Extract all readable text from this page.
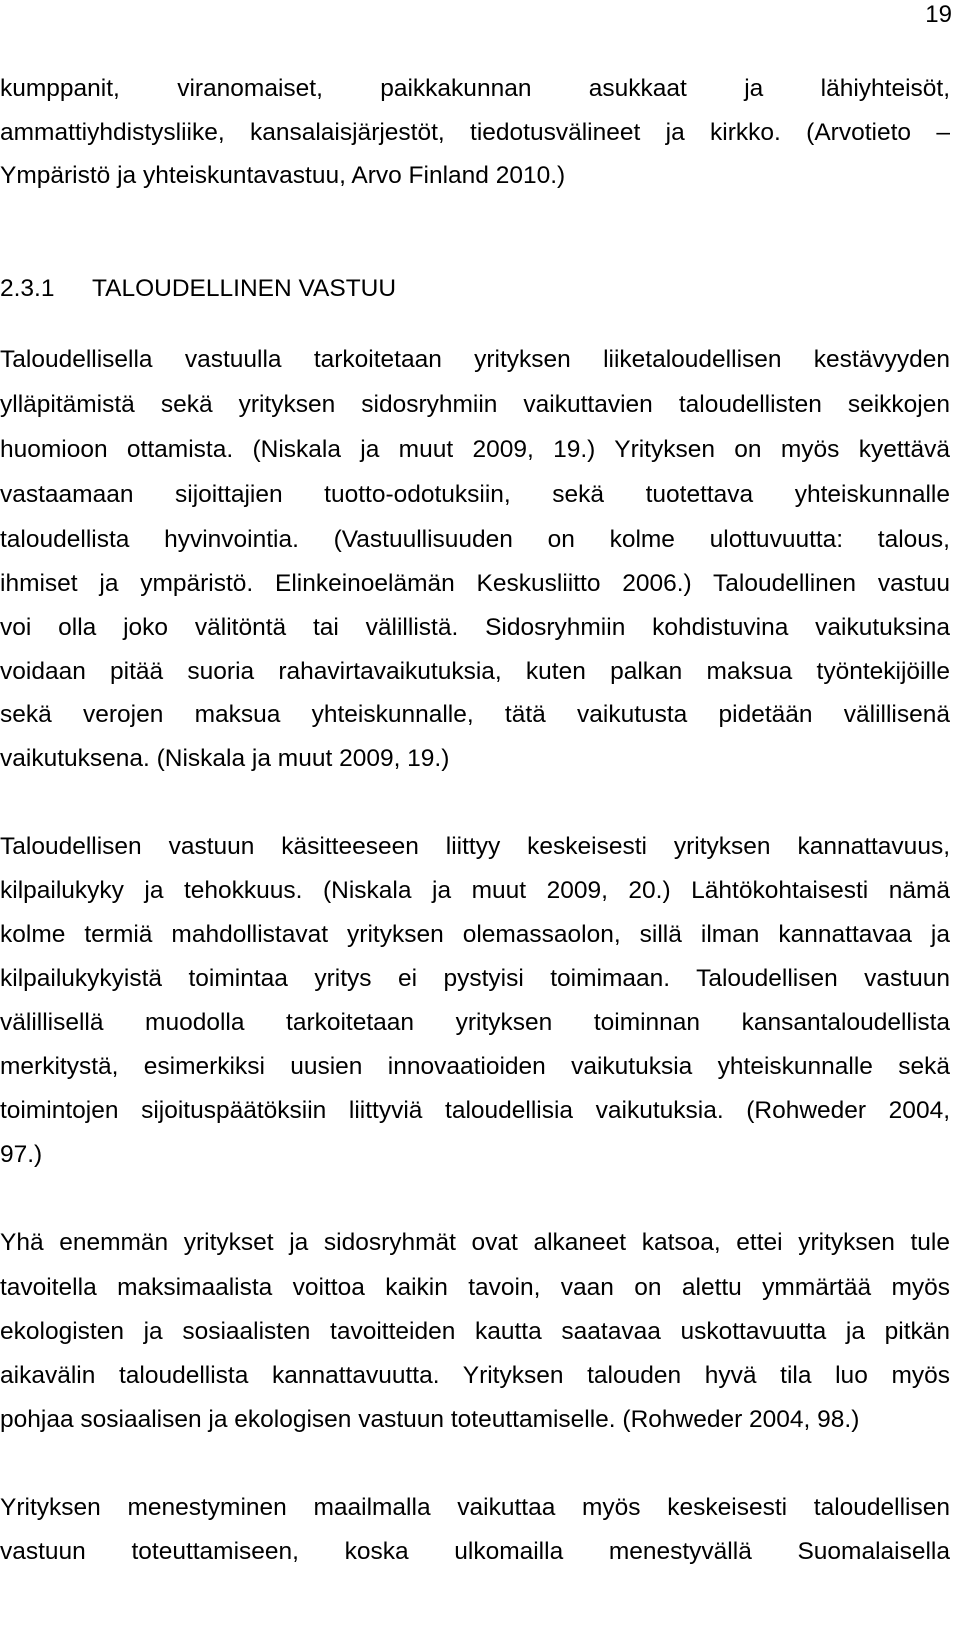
19
kumppanit, viranomaiset, paikkakunnan asukkaat ja lähiyhteisöt,
ammattiyhdistysliike, kansalaisjärjestöt, tiedotusvälineet ja kirkko. (Arvotieto –
Ympäristö ja yhteiskuntavastuu, Arvo Finland 2010.)
2.3.1 TALOUDELLINEN VASTUU
Taloudellisella vastuulla tarkoitetaan yrityksen liiketaloudellisen kestävyyden
ylläpitämistä sekä yrityksen sidosryhmiin vaikuttavien taloudellisten seikkojen
huomioon ottamista. (Niskala ja muut 2009, 19.) Yrityksen on myös kyettävä
vastaamaan sijoittajien tuotto-odotuksiin, sekä tuotettava yhteiskunnalle
taloudellista hyvinvointia. (Vastuullisuuden on kolme ulottuvuutta: talous,
ihmiset ja ympäristö. Elinkeinoelämän Keskusliitto 2006.) Taloudellinen vastuu
voi olla joko välitöntä tai välillistä. Sidosryhmiin kohdistuvina vaikutuksina
voidaan pitää suoria rahavirtavaikutuksia, kuten palkan maksua työntekijöille
sekä verojen maksua yhteiskunnalle, tätä vaikutusta pidetään välillisenä
vaikutuksena. (Niskala ja muut 2009, 19.)
Taloudellisen vastuun käsitteeseen liittyy keskeisesti yrityksen kannattavuus,
kilpailukyky ja tehokkuus. (Niskala ja muut 2009, 20.) Lähtökohtaisesti nämä
kolme termiä mahdollistavat yrityksen olemassaolon, sillä ilman kannattavaa ja
kilpailukykyistä toimintaa yritys ei pystyisi toimimaan. Taloudellisen vastuun
välillisellä muodolla tarkoitetaan yrityksen toiminnan kansantaloudellista
merkitystä, esimerkiksi uusien innovaatioiden vaikutuksia yhteiskunnalle sekä
toimintojen sijoituspäätöksiin liittyviä taloudellisia vaikutuksia. (Rohweder 2004,
97.)
Yhä enemmän yritykset ja sidosryhmät ovat alkaneet katsoa, ettei yrityksen tule
tavoitella maksimaalista voittoa kaikin tavoin, vaan on alettu ymmärtää myös
ekologisten ja sosiaalisten tavoitteiden kautta saatavaa uskottavuutta ja pitkän
aikavälin taloudellista kannattavuutta. Yrityksen talouden hyvä tila luo myös
pohjaa sosiaalisen ja ekologisen vastuun toteuttamiselle. (Rohweder 2004, 98.)
Yrityksen menestyminen maailmalla vaikuttaa myös keskeisesti taloudellisen
vastuun toteuttamiseen, koska ulkomailla menestyvällä Suomalaisella
